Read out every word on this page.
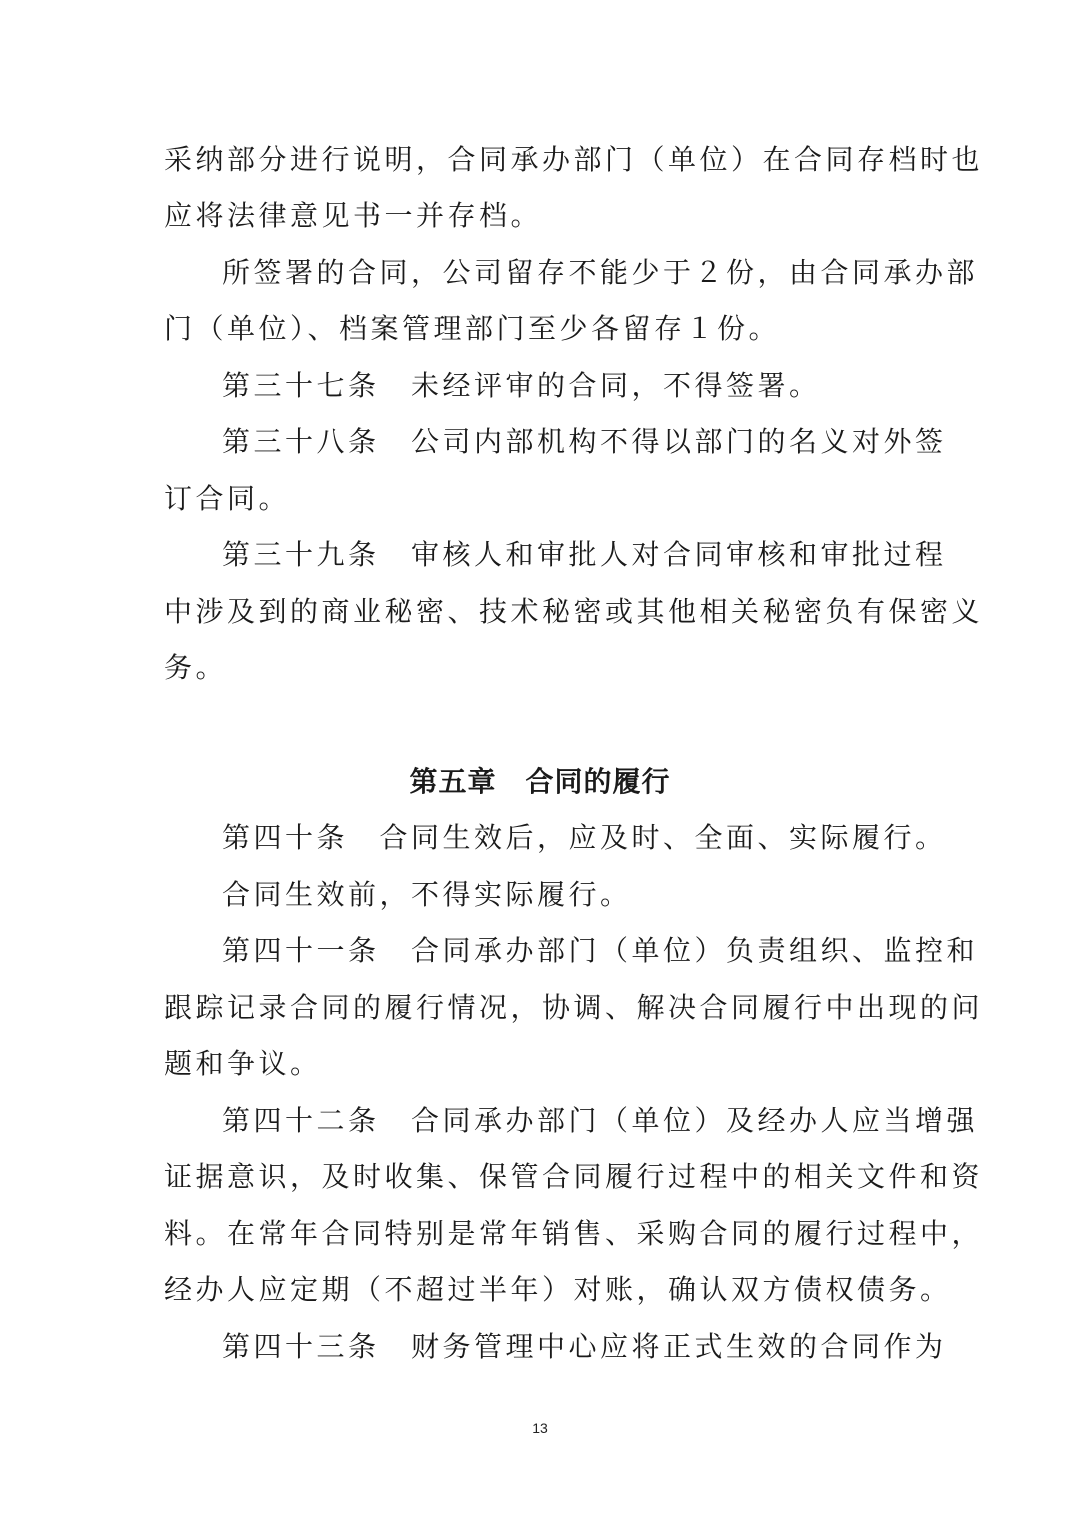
采纳部分进行说明，合同承办部门（单位）在合同存档时也
应将法律意见书一并存档。
所签署的合同，公司留存不能少于２份，由合同承办部
门（单位）、档案管理部门至少各留存１份。
第三十七条　未经评审的合同，不得签署。
第三十八条　公司内部机构不得以部门的名义对外签
订合同。
第三十九条　审核人和审批人对合同审核和审批过程
中涉及到的商业秘密、技术秘密或其他相关秘密负有保密义
务。
第五章　合同的履行
第四十条　合同生效后，应及时、全面、实际履行。
合同生效前，不得实际履行。
第四十一条　合同承办部门（单位）负责组织、监控和
跟踪记录合同的履行情况，协调、解决合同履行中出现的问
题和争议。
第四十二条　合同承办部门（单位）及经办人应当增强
证据意识，及时收集、保管合同履行过程中的相关文件和资
料。在常年合同特别是常年销售、采购合同的履行过程中，
经办人应定期（不超过半年）对账，确认双方债权债务。
第四十三条　财务管理中心应将正式生效的合同作为
13
